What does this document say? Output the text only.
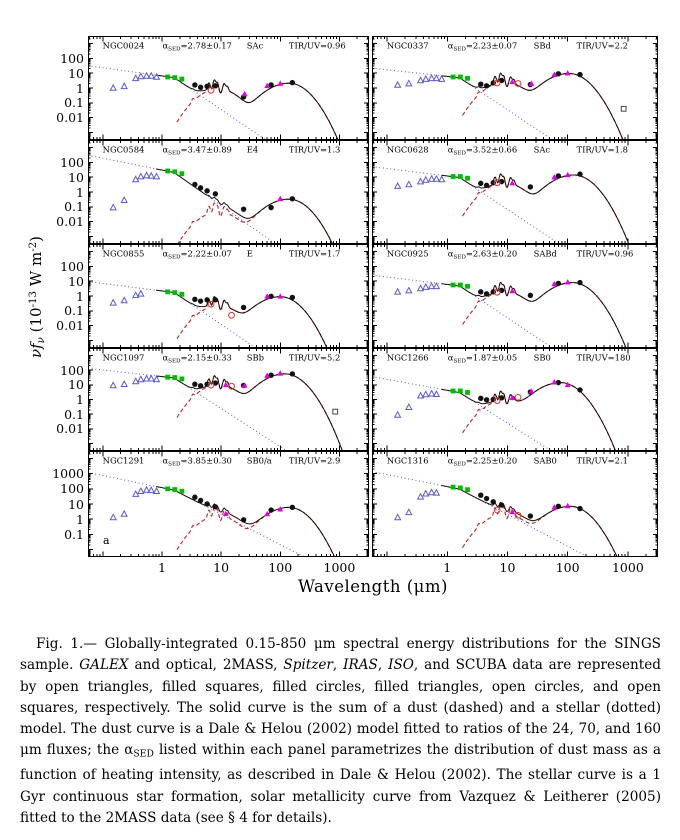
$\nu f_\nu$ ($10^{-13}$ W $m^{-2}$)
NGC0024 $\alpha_{SED}=2.78\pm 0.17$ SAc	TIR/UV=0.96	NGC0337 $\alpha_{SED}=2.23\pm 0.07$ SBd	TIR/UV=2.2
NGC0584 $\alpha_{SED}=3.47\pm 0.89$ E4	TIR/UV=1.3	NGC0628 $\alpha_{SED}=3.52\pm 0.66$ SAc	TIR/UV=1.8
NGC0855 $\alpha_{SED}=2.22\pm 0.07$ E	TIR/UV=1.7	NGC0925 $\alpha_{SED}=2.63\pm 0.20$ SABd TIR/UV=0.96
NGC1097 $\alpha_{SED}=2.15\pm 0.33$ SBb	TIR/UV=5.2	NGC1266 $\alpha_{SED}=1.87\pm 0.05$ SB0	TIR/UV=180
NGC1291 $\alpha_{SED}=3.85\pm 0.30$ SB0/a TIR/UV=2.9
a
NGC1316 $\alpha_{SED}=2.25\pm 0.20$ SAB0 TIR/UV=2.1
Wavelength (μm)
Fig. 1.— Globally-integrated 0.15-850 μm spectral energy distributions for the SINGS sample. GALEX and optical, 2MASS, Spitzer, IRAS, ISO, and SCUBA data are represented by open triangles, filled squares, filled circles, filled triangles, open circles, and open squares, respectively. The solid curve is the sum of a dust (dashed) and a stellar (dotted) model. The dust curve is a Dale & Helou (2002) model fitted to ratios of the 24, 70, and 160 μm fluxes; the $\alpha_{SED}$ listed within each panel parametrizes the distribution of dust mass as a function of heating intensity, as described in Dale & Helou (2002). The stellar curve is a 1 Gyr continuous star formation, solar metallicity curve from Vazquez & Leitherer (2005) fitted to the 2MASS data (see § 4 for details).
100
10
1
0.1
0.01
100
10
1
0.1
0.01
100
10
1
0.1
0.01
100
10
1
0.1
0.01
1000
100
10
1
0.1
1	10	100	1000	1	10	100	1000
